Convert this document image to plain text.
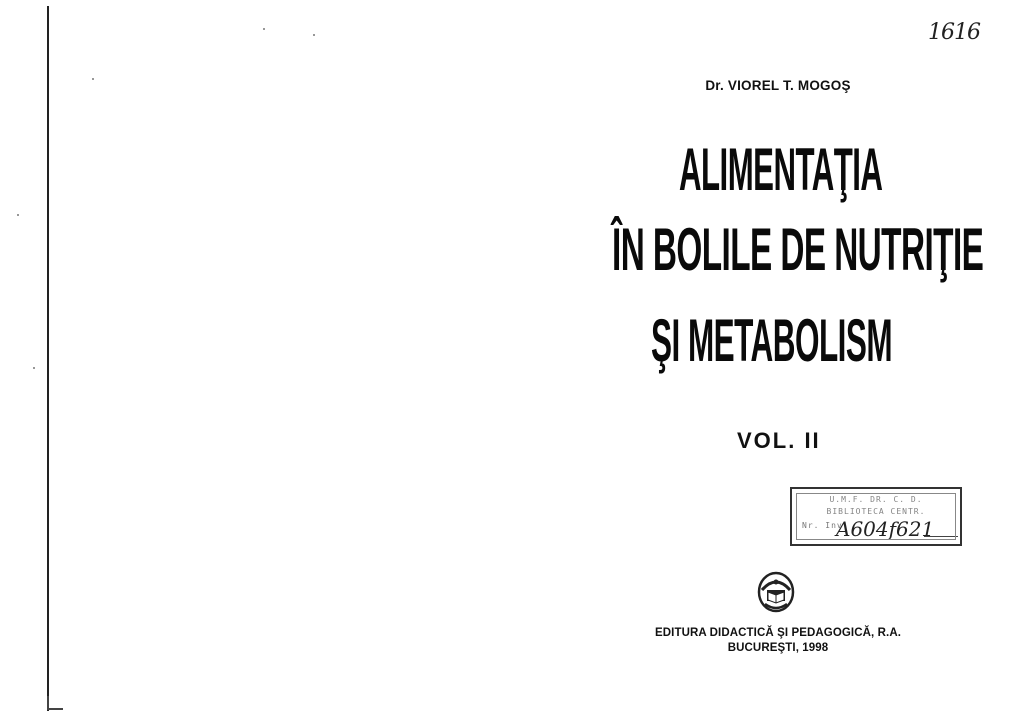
1616
Dr. VIOREL T. MOGOŞ
ALIMENTAŢIA
ÎN BOLILE DE NUTRIŢIE
ŞI METABOLISM
VOL. II
U.M.F. DR. C. D.
BIBLIOTECA CENTR.
Nr. Inv.
A604f621
EDITURA DIDACTICĂ ŞI PEDAGOGICĂ, R.A.
BUCUREŞTI, 1998
